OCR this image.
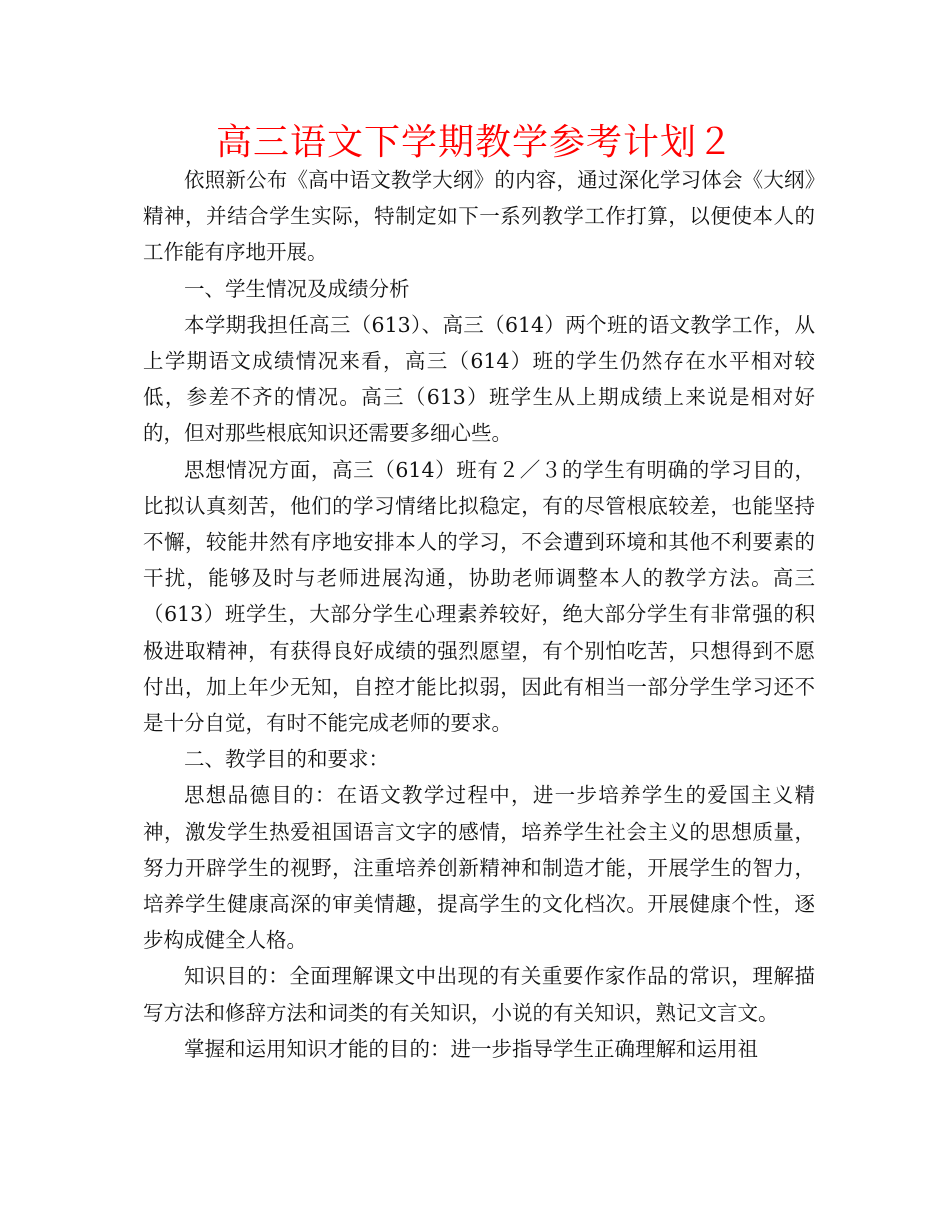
高三语文下学期教学参考计划２

依照新公布《高中语文教学大纲》的内容，通过深化学习体会《大纲》精神，并结合学生实际，特制定如下一系列教学工作打算，以便使本人的工作能有序地开展。

一、学生情况及成绩分析

本学期我担任高三（613）、高三（614）两个班的语文教学工作，从上学期语文成绩情况来看，高三（614）班的学生仍然存在水平相对较低，参差不齐的情况。高三（613）班学生从上期成绩上来说是相对好的，但对那些根底知识还需要多细心些。

思想情况方面，高三（614）班有２／３的学生有明确的学习目的，比拟认真刻苦，他们的学习情绪比拟稳定，有的尽管根底较差，也能坚持不懈，较能井然有序地安排本人的学习，不会遭到环境和其他不利要素的干扰，能够及时与老师进展沟通，协助老师调整本人的教学方法。高三（613）班学生，大部分学生心理素养较好，绝大部分学生有非常强的积极进取精神，有获得良好成绩的强烈愿望，有个别怕吃苦，只想得到不愿付出，加上年少无知，自控才能比拟弱，因此有相当一部分学生学习还不是十分自觉，有时不能完成老师的要求。

二、教学目的和要求：

思想品德目的：在语文教学过程中，进一步培养学生的爱国主义精神，激发学生热爱祖国语言文字的感情，培养学生社会主义的思想质量，努力开辟学生的视野，注重培养创新精神和制造才能，开展学生的智力，培养学生健康高深的审美情趣，提高学生的文化档次。开展健康个性，逐步构成健全人格。

知识目的：全面理解课文中出现的有关重要作家作品的常识，理解描写方法和修辞方法和词类的有关知识，小说的有关知识，熟记文言文。

掌握和运用知识才能的目的：进一步指导学生正确理解和运用祖
